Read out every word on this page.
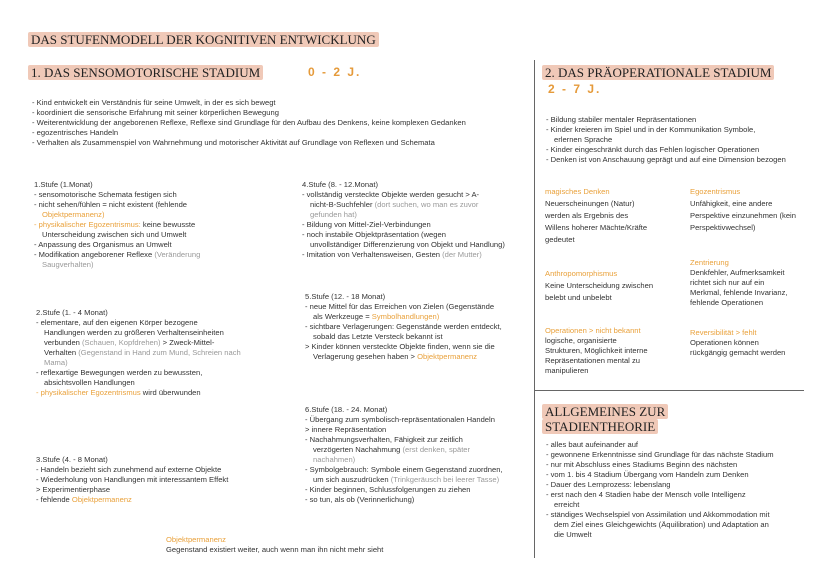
DAS STUFENMODELL DER KOGNITIVEN ENTWICKLUNG
1. DAS SENSOMOTORISCHE STADIUM	0 - 2 J.
- Kind entwickelt ein Verständnis für seine Umwelt, in der es sich bewegt
- koordiniert die sensorische Erfahrung mit seiner körperlichen Bewegung
- Weiterentwicklung der angeborenen Reflexe, Reflexe sind Grundlage für den Aufbau des Denkens, keine komplexen Gedanken
- egozentrisches Handeln
- Verhalten als Zusammenspiel von Wahrnehmung und motorischer Aktivität auf Grundlage von Reflexen und Schemata
1.Stufe (1.Monat)
- sensomotorische Schemata festigen sich
- nicht sehen/fühlen = nicht existent (fehlende
Objektpermanenz)
- physikalischer Egozentrismus: keine bewusste
Unterscheidung zwischen sich und Umwelt
- Anpassung des Organismus an Umwelt
- Modifikation angeborener Reflexe (Veränderung
Saugverhalten)
2.Stufe (1. - 4 Monat)
- elementare, auf den eigenen Körper bezogene
Handlungen werden zu größeren Verhaltenseinheiten
verbunden (Schauen, Kopfdrehen) > Zweck-Mittel-
Verhalten (Gegenstand in Hand zum Mund, Schreien nach
Mama)
- reflexartige Bewegungen werden zu bewussten,
absichtsvollen Handlungen
- physikalischer Egozentrismus wird überwunden
3.Stufe (4. - 8 Monat)
- Handeln bezieht sich zunehmend auf externe Objekte
- Wiederholung von Handlungen mit interessantem Effekt
> Experimentierphase
- fehlende Objektpermanenz
4.Stufe (8. - 12.Monat)
- vollständig versteckte Objekte werden gesucht > A-
nicht-B-Suchfehler (dort suchen, wo man es zuvor
gefunden hat)
- Bildung von Mittel-Ziel-Verbindungen
- noch instabile Objektpräsentation (wegen
unvollständiger Differenzierung von Objekt und Handlung)
- Imitation von Verhaltensweisen, Gesten (der Mutter)
5.Stufe (12. - 18 Monat)
- neue Mittel für das Erreichen von Zielen (Gegenstände
als Werkzeuge = Symbolhandlungen)
- sichtbare Verlagerungen: Gegenstände werden entdeckt,
sobald das Letzte Versteck bekannt ist
> Kinder können versteckte Objekte finden, wenn sie die
Verlagerung gesehen haben > Objektpermanenz
6.Stufe (18. - 24. Monat)
- Übergang zum symbolisch-repräsentationalen Handeln
> innere Repräsentation
- Nachahmungsverhalten, Fähigkeit zur zeitlich
verzögerten Nachahmung (erst denken, später
nachahmen)
- Symbolgebrauch: Symbole einem Gegenstand zuordnen,
um sich auszudrücken (Trinkgeräusch bei leerer Tasse)
- Kinder beginnen, Schlussfolgerungen zu ziehen
- so tun, als ob (Verinnerlichung)
Objektpermanenz
Gegenstand existiert weiter, auch wenn man ihn nicht mehr sieht
2. DAS PRÄOPERATIONALE STADIUM
2 - 7 J.
- Bildung stabiler mentaler Repräsentationen
- Kinder kreieren im Spiel und in der Kommunikation Symbole,
erlernen Sprache
- Kinder eingeschränkt durch das Fehlen logischer Operationen
- Denken ist von Anschauung geprägt und auf eine Dimension bezogen
magisches Denken
Neuerscheinungen (Natur)
werden als Ergebnis des
Willens hoherer Mächte/Kräfte
gedeutet
Anthropomorphismus
Keine Unterscheidung zwischen
belebt und unbelebt
Operationen > nicht bekannt
logische, organisierte
Strukturen, Möglichkeit interne
Repräsentationen mental zu
manipulieren
Egozentrismus
Unfähigkeit, eine andere
Perspektive einzunehmen (kein
Perspektivwechsel)
Zentrierung
Denkfehler, Aufmerksamkeit
richtet sich nur auf ein
Merkmal, fehlende Invarianz,
fehlende Operationen
Reversibilität > fehlt
Operationen können
rückgängig gemacht werden
ALLGEMEINES ZUR
STADIENTHEORIE
- alles baut aufeinander auf
- gewonnene Erkenntnisse sind Grundlage für das nächste Stadium
- nur mit Abschluss eines Stadiums Beginn des nächsten
- vom 1. bis 4 Stadium Übergang vom Handeln zum Denken
- Dauer des Lernprozess: lebenslang
- erst nach den 4 Stadien habe der Mensch volle Intelligenz
erreicht
- ständiges Wechselspiel von Assimilation und Akkommodation mit
dem Ziel eines Gleichgewichts (Äquilibration) und Adaptation an
die Umwelt
